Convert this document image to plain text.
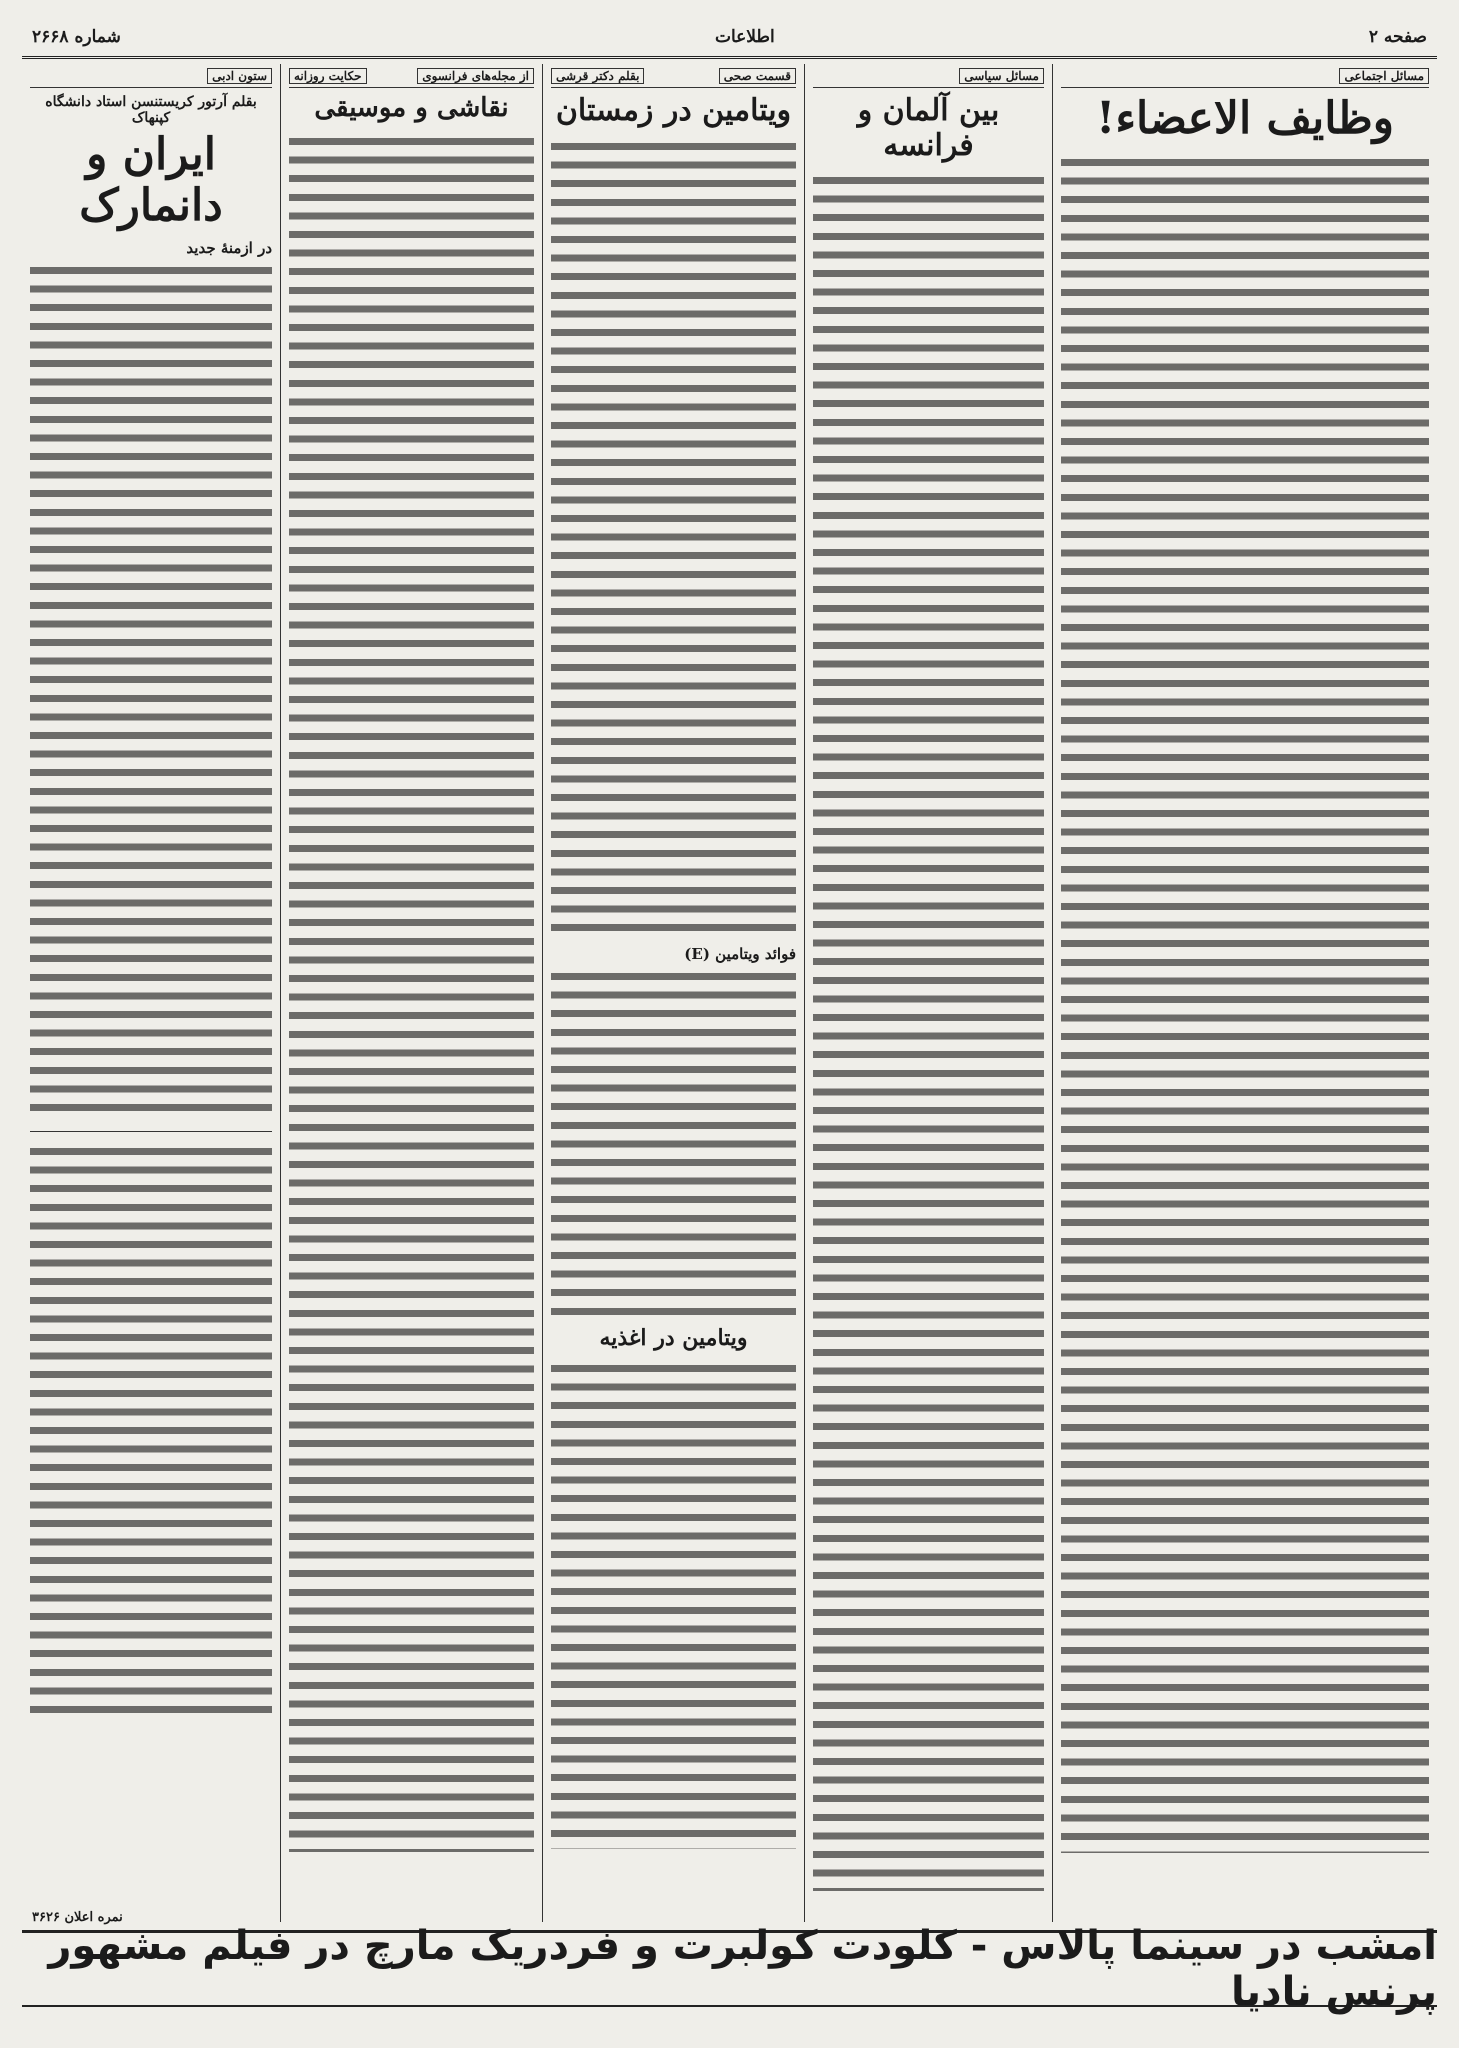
صفحه ۲
اطلاعات
شماره ۲۶۶۸
مسائل اجتماعی
وظایف الاعضاء!
مسائل سیاسی
بین آلمان و فرانسه
قسمت صحی
بقلم دکتر قرشی
ویتامین در زمستان
فوائد ویتامین (E)
ویتامین در اغذیه
از مجله‌های فرانسوی
حکایت روزانه
نقاشی و موسیقی
ستون ادبی
بقلم آرتور کریستنسن استاد دانشگاه کپنهاک
ایران و دانمارک
در ازمنهٔ جدید
نمره اعلان ۳۶۲۶
امشب در سینما پالاس - کلودت کولبرت و فردریک مارچ در فیلم مشهور پرنس نادیا
